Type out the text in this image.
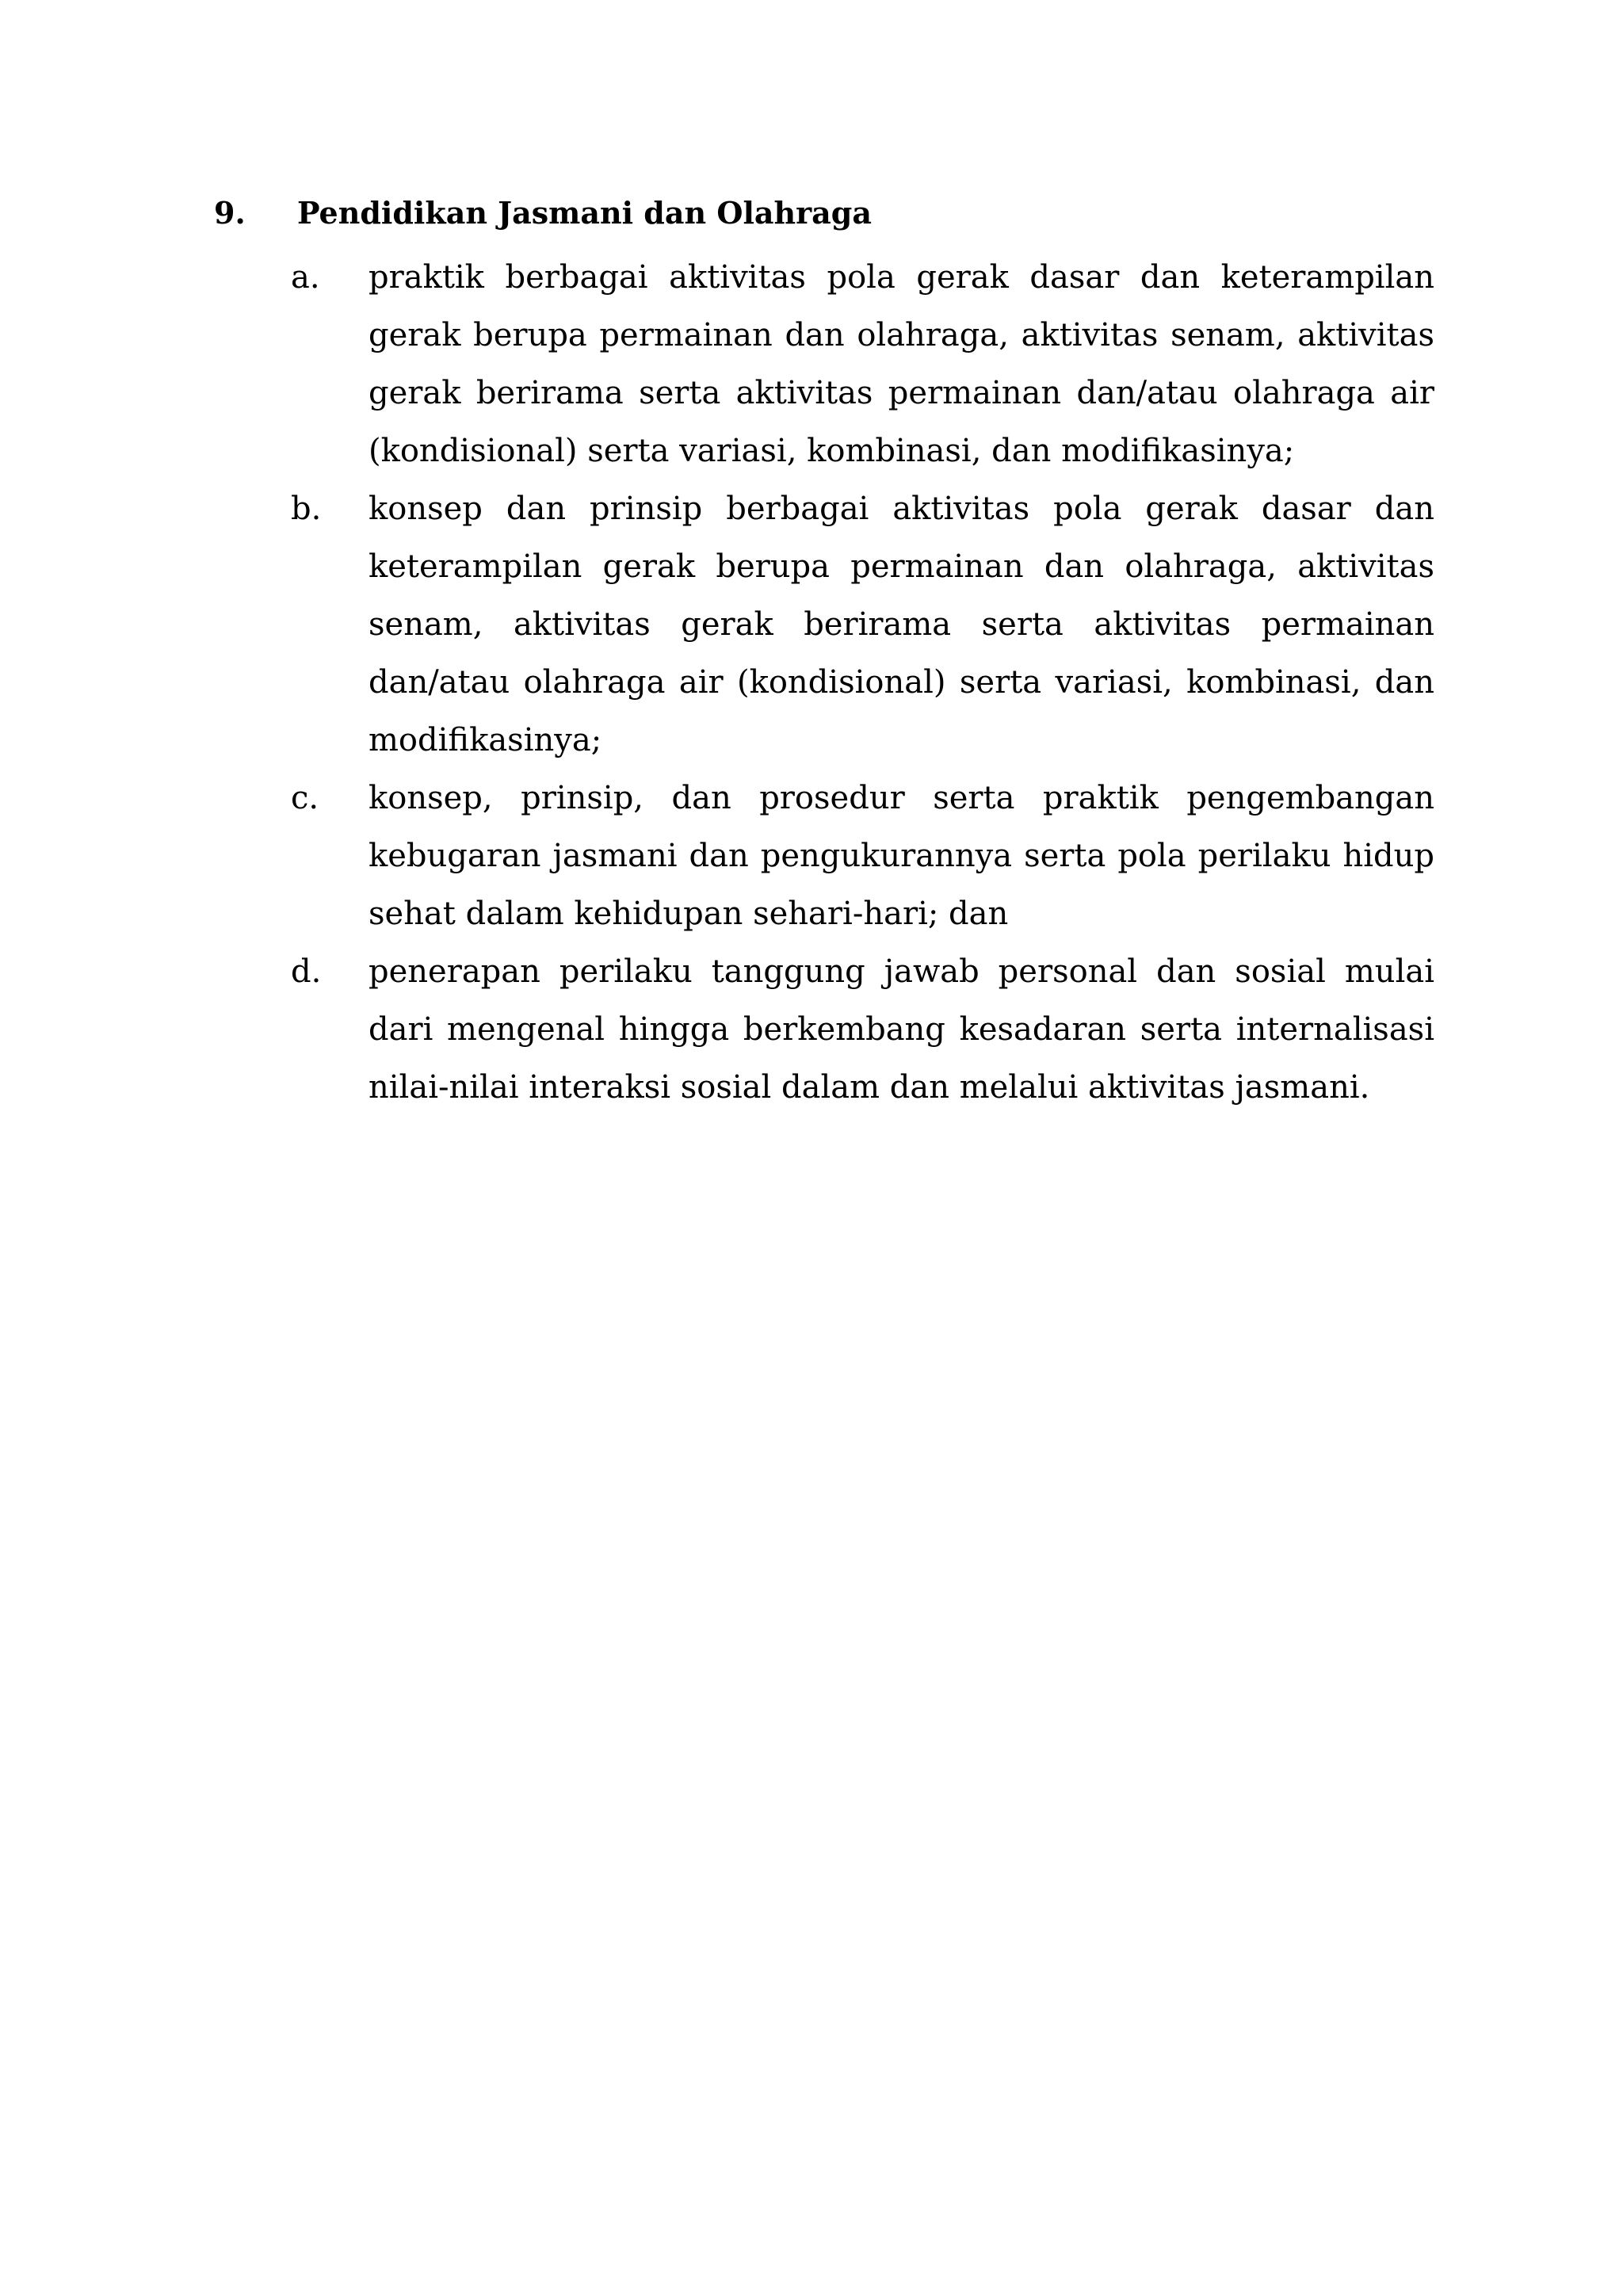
9.	Pendidikan Jasmani dan Olahraga
a.	praktik berbagai aktivitas pola gerak dasar dan keterampilan gerak berupa permainan dan olahraga, aktivitas senam, aktivitas gerak berirama serta aktivitas permainan dan/atau olahraga air (kondisional) serta variasi, kombinasi, dan modifikasinya;
b.	konsep dan prinsip berbagai aktivitas pola gerak dasar dan keterampilan gerak berupa permainan dan olahraga, aktivitas senam, aktivitas gerak berirama serta aktivitas permainan dan/atau olahraga air (kondisional) serta variasi, kombinasi, dan modifikasinya;
c.	konsep, prinsip, dan prosedur serta praktik pengembangan kebugaran jasmani dan pengukurannya serta pola perilaku hidup sehat dalam kehidupan sehari-hari; dan
d.	penerapan perilaku tanggung jawab personal dan sosial mulai dari mengenal hingga berkembang kesadaran serta internalisasi nilai-nilai interaksi sosial dalam dan melalui aktivitas jasmani.
